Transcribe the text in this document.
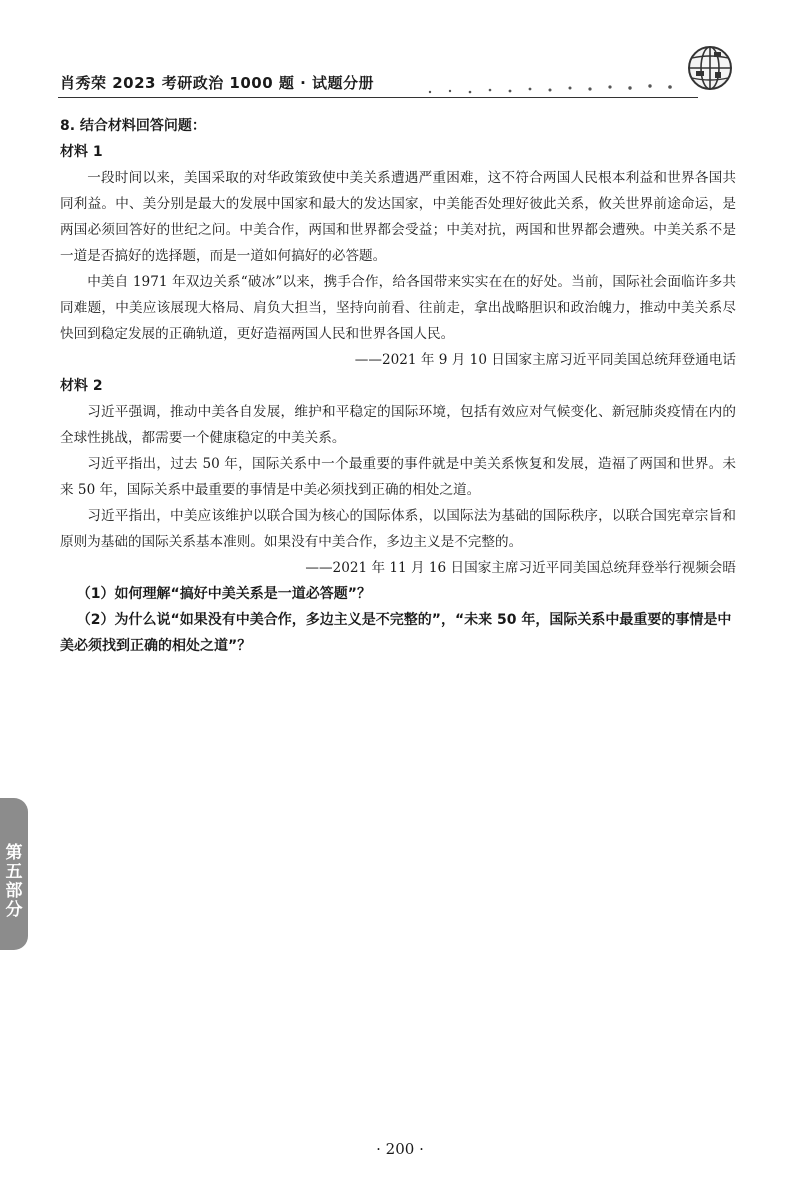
肖秀荣 2023 考研政治 1000 题 · 试题分册
8. 结合材料回答问题：
材料 1
一段时间以来，美国采取的对华政策致使中美关系遭遇严重困难，这不符合两国人民根本利益和世界各国共同利益。中、美分别是最大的发展中国家和最大的发达国家，中美能否处理好彼此关系，攸关世界前途命运，是两国必须回答好的世纪之问。中美合作，两国和世界都会受益；中美对抗，两国和世界都会遭殃。中美关系不是一道是否搞好的选择题，而是一道如何搞好的必答题。
中美自 1971 年双边关系“破冰”以来，携手合作，给各国带来实实在在的好处。当前，国际社会面临许多共同难题，中美应该展现大格局、肩负大担当，坚持向前看、往前走，拿出战略胆识和政治魄力，推动中美关系尽快回到稳定发展的正确轨道，更好造福两国人民和世界各国人民。
——2021 年 9 月 10 日国家主席习近平同美国总统拜登通电话
材料 2
习近平强调，推动中美各自发展，维护和平稳定的国际环境，包括有效应对气候变化、新冠肺炎疫情在内的全球性挑战，都需要一个健康稳定的中美关系。
习近平指出，过去 50 年，国际关系中一个最重要的事件就是中美关系恢复和发展，造福了两国和世界。未来 50 年，国际关系中最重要的事情是中美必须找到正确的相处之道。
习近平指出，中美应该维护以联合国为核心的国际体系，以国际法为基础的国际秩序，以联合国宪章宗旨和原则为基础的国际关系基本准则。如果没有中美合作，多边主义是不完整的。
——2021 年 11 月 16 日国家主席习近平同美国总统拜登举行视频会晤
（1）如何理解“搞好中美关系是一道必答题”？
（2）为什么说“如果没有中美合作，多边主义是不完整的”，“未来 50 年，国际关系中最重要的事情是中美必须找到正确的相处之道”？
第五部分
· 200 ·
